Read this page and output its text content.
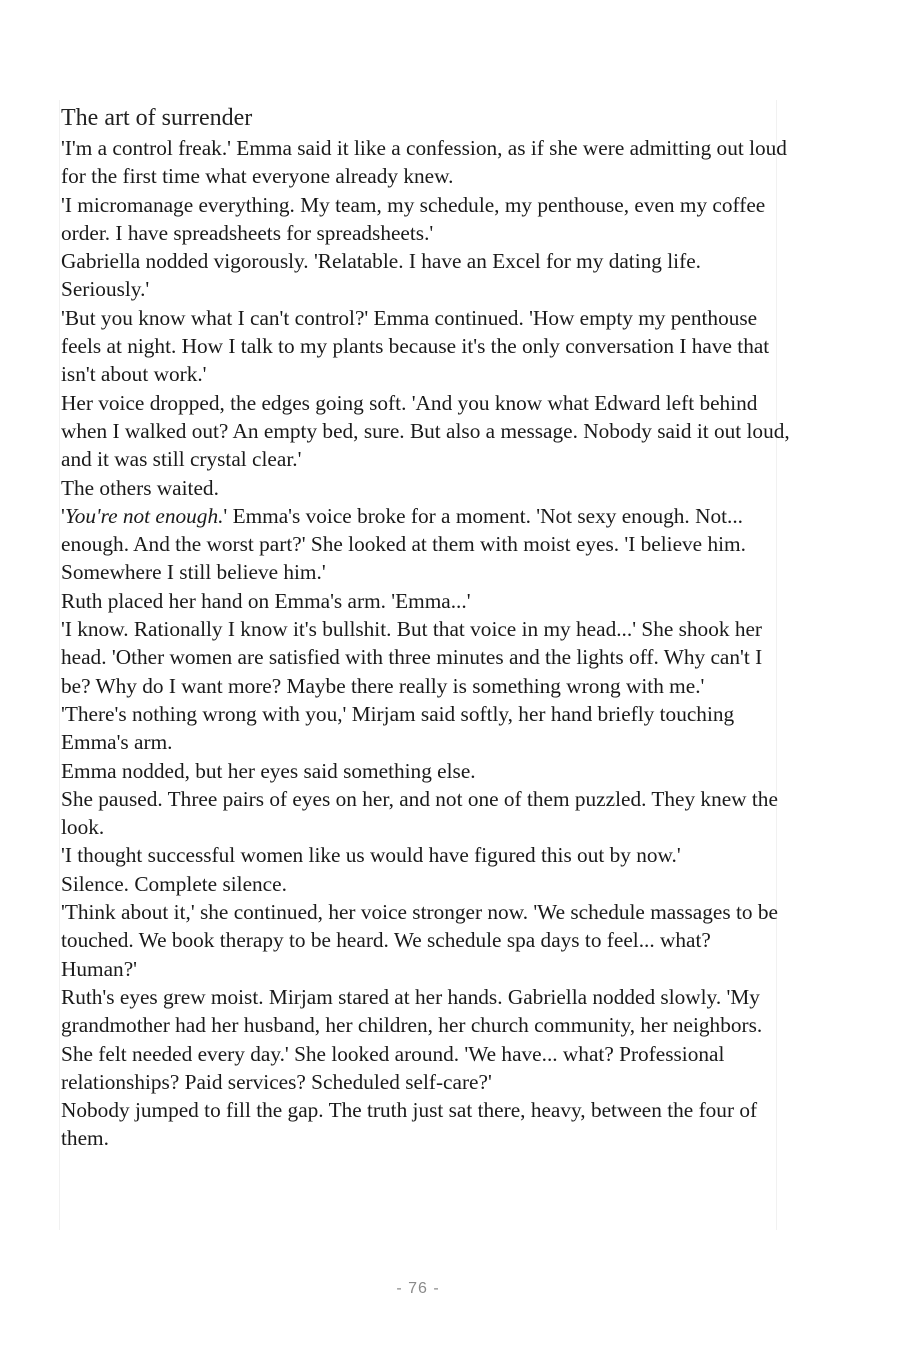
The art of surrender

'I'm a control freak.' Emma said it like a confession, as if she were admitting out loud for the first time what everyone already knew.

'I micromanage everything. My team, my schedule, my penthouse, even my coffee order. I have spreadsheets for spreadsheets.'

Gabriella nodded vigorously. 'Relatable. I have an Excel for my dating life. Seriously.'

'But you know what I can't control?' Emma continued. 'How empty my penthouse feels at night. How I talk to my plants because it's the only conversation I have that isn't about work.'

Her voice dropped, the edges going soft. 'And you know what Edward left behind when I walked out? An empty bed, sure. But also a message. Nobody said it out loud, and it was still crystal clear.'

The others waited.

'You're not enough.' Emma's voice broke for a moment. 'Not sexy enough. Not... enough. And the worst part?' She looked at them with moist eyes. 'I believe him. Somewhere I still believe him.'

Ruth placed her hand on Emma's arm. 'Emma...'

'I know. Rationally I know it's bullshit. But that voice in my head...' She shook her head. 'Other women are satisfied with three minutes and the lights off. Why can't I be? Why do I want more? Maybe there really is something wrong with me.'

'There's nothing wrong with you,' Mirjam said softly, her hand briefly touching Emma's arm.

Emma nodded, but her eyes said something else.

She paused. Three pairs of eyes on her, and not one of them puzzled. They knew the look.

'I thought successful women like us would have figured this out by now.'

Silence. Complete silence.

'Think about it,' she continued, her voice stronger now. 'We schedule massages to be touched. We book therapy to be heard. We schedule spa days to feel... what? Human?'

Ruth's eyes grew moist. Mirjam stared at her hands. Gabriella nodded slowly. 'My grandmother had her husband, her children, her church community, her neighbors. She felt needed every day.' She looked around. 'We have... what? Professional relationships? Paid services? Scheduled self-care?'

Nobody jumped to fill the gap. The truth just sat there, heavy, between the four of them.

- 76 -
